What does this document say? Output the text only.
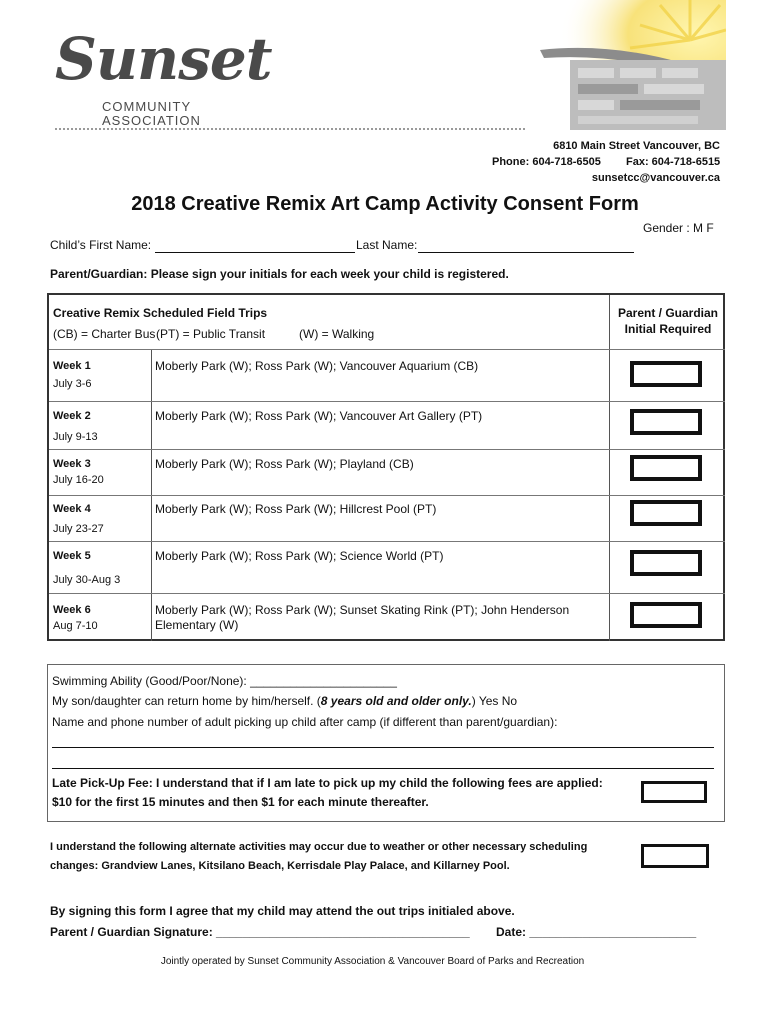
Sunset
COMMUNITY
ASSOCIATION
6810 Main Street Vancouver, BC
Phone: 604-718-6505 Fax: 604-718-6515
sunsetcc@vancouver.ca
2018 Creative Remix Art Camp Activity Consent Form
Gender : M F
Child’s First Name:	Last Name:
Parent/Guardian: Please sign your initials for each week your child is registered.
Creative Remix Scheduled Field Trips
(CB) = Charter Bus (PT) = Public Transit	(W) = Walking
Parent / Guardian
Initial Required
Week 1
July 3-6
Moberly Park (W); Ross Park (W); Vancouver Aquarium (CB)
Week 2
July 9-13
Moberly Park (W); Ross Park (W); Vancouver Art Gallery (PT)
Week 3
July 16-20
Moberly Park (W); Ross Park (W); Playland (CB)
Week 4
July 23-27
Moberly Park (W); Ross Park (W); Hillcrest Pool (PT)
Week 5
July 30-Aug 3
Moberly Park (W); Ross Park (W); Science World (PT)
Week 6
Aug 7-10
Moberly Park (W); Ross Park (W); Sunset Skating Rink (PT); John Henderson
Elementary (W)
Swimming Ability (Good/Poor/None): ______________________
My son/daughter can return home by him/herself. (8 years old and older only.) Yes No
Name and phone number of adult picking up child after camp (if different than parent/guardian):
Late Pick-Up Fee: I understand that if I am late to pick up my child the following fees are applied:
$10 for the first 15 minutes and then $1 for each minute thereafter.
I understand the following alternate activities may occur due to weather or other necessary scheduling
changes: Grandview Lanes, Kitsilano Beach, Kerrisdale Play Palace, and Killarney Pool.
By signing this form I agree that my child may attend the out trips initialed above.
Parent / Guardian Signature: ______________________________________ Date: _________________________
Jointly operated by Sunset Community Association & Vancouver Board of Parks and Recreation
